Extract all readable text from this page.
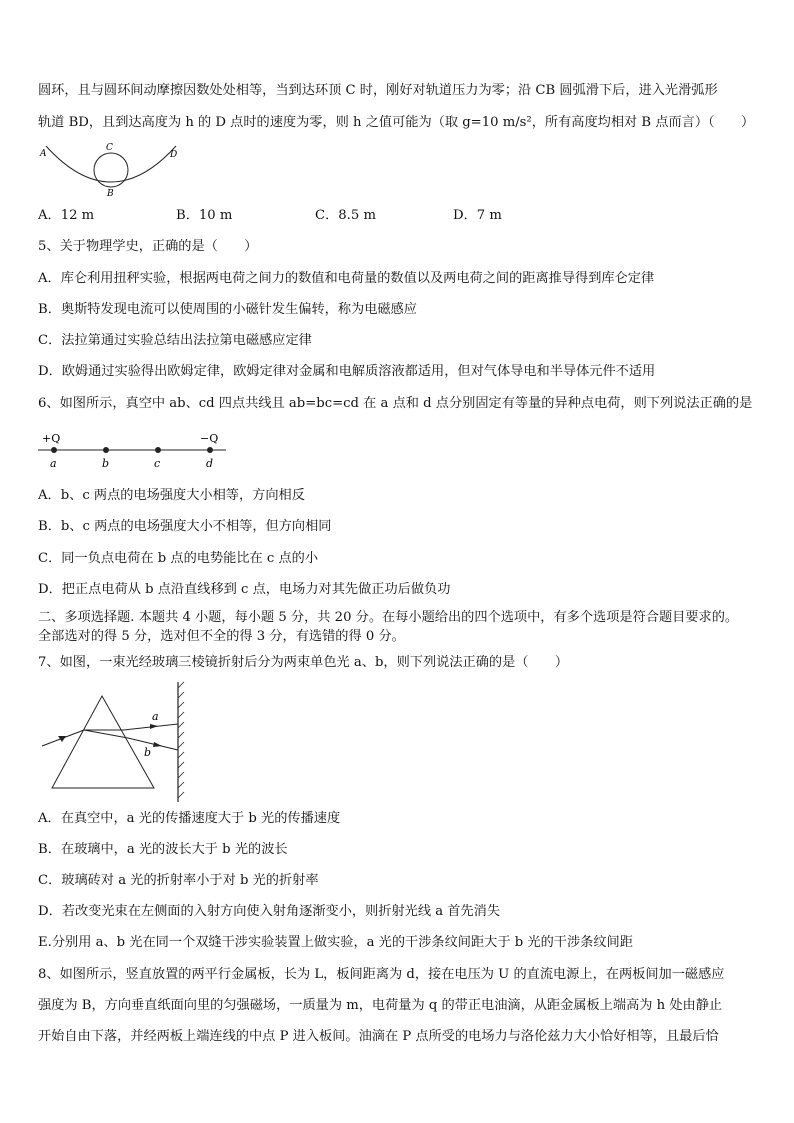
圆环，且与圆环间动摩擦因数处处相等，当到达环顶 C 时，刚好对轨道压力为零；沿 CB 圆弧滑下后，进入光滑弧形
轨道 BD，且到达高度为 h 的 D 点时的速度为零，则 h 之值可能为（取 g=10 m/s²，所有高度均相对 B 点而言）（　　）
A
C
B
D
A．12 m	B．10 m	C．8.5 m	D．7 m
5、关于物理学史，正确的是（　　）
A．库仑利用扭秤实验，根据两电荷之间力的数值和电荷量的数值以及两电荷之间的距离推导得到库仑定律
B．奥斯特发现电流可以使周围的小磁针发生偏转，称为电磁感应
C．法拉第通过实验总结出法拉第电磁感应定律
D．欧姆通过实验得出欧姆定律，欧姆定律对金属和电解质溶液都适用，但对气体导电和半导体元件不适用
6、如图所示，真空中 ab、cd 四点共线且 ab=bc=cd 在 a 点和 d 点分别固定有等量的异种点电荷，则下列说法正确的是
+Q	−Q
a	b	c	d
A．b、c 两点的电场强度大小相等，方向相反
B．b、c 两点的电场强度大小不相等，但方向相同
C．同一负点电荷在 b 点的电势能比在 c 点的小
D．把正点电荷从 b 点沿直线移到 c 点，电场力对其先做正功后做负功
二、多项选择题. 本题共 4 小题，每小题 5 分，共 20 分。在每小题给出的四个选项中，有多个选项是符合题目要求的。
全部选对的得 5 分，选对但不全的得 3 分，有选错的得 0 分。
7、如图，一束光经玻璃三棱镜折射后分为两束单色光 a、b，则下列说法正确的是（　　）
a
b
A．在真空中，a 光的传播速度大于 b 光的传播速度
B．在玻璃中，a 光的波长大于 b 光的波长
C．玻璃砖对 a 光的折射率小于对 b 光的折射率
D．若改变光束在左侧面的入射方向使入射角逐渐变小，则折射光线 a 首先消失
E.分别用 a、b 光在同一个双缝干涉实验装置上做实验，a 光的干涉条纹间距大于 b 光的干涉条纹间距
8、如图所示，竖直放置的两平行金属板，长为 L，板间距离为 d，接在电压为 U 的直流电源上，在两板间加一磁感应
强度为 B，方向垂直纸面向里的匀强磁场，一质量为 m，电荷量为 q 的带正电油滴，从距金属板上端高为 h 处由静止
开始自由下落，并经两板上端连线的中点 P 进入板间。油滴在 P 点所受的电场力与洛伦兹力大小恰好相等，且最后恰
